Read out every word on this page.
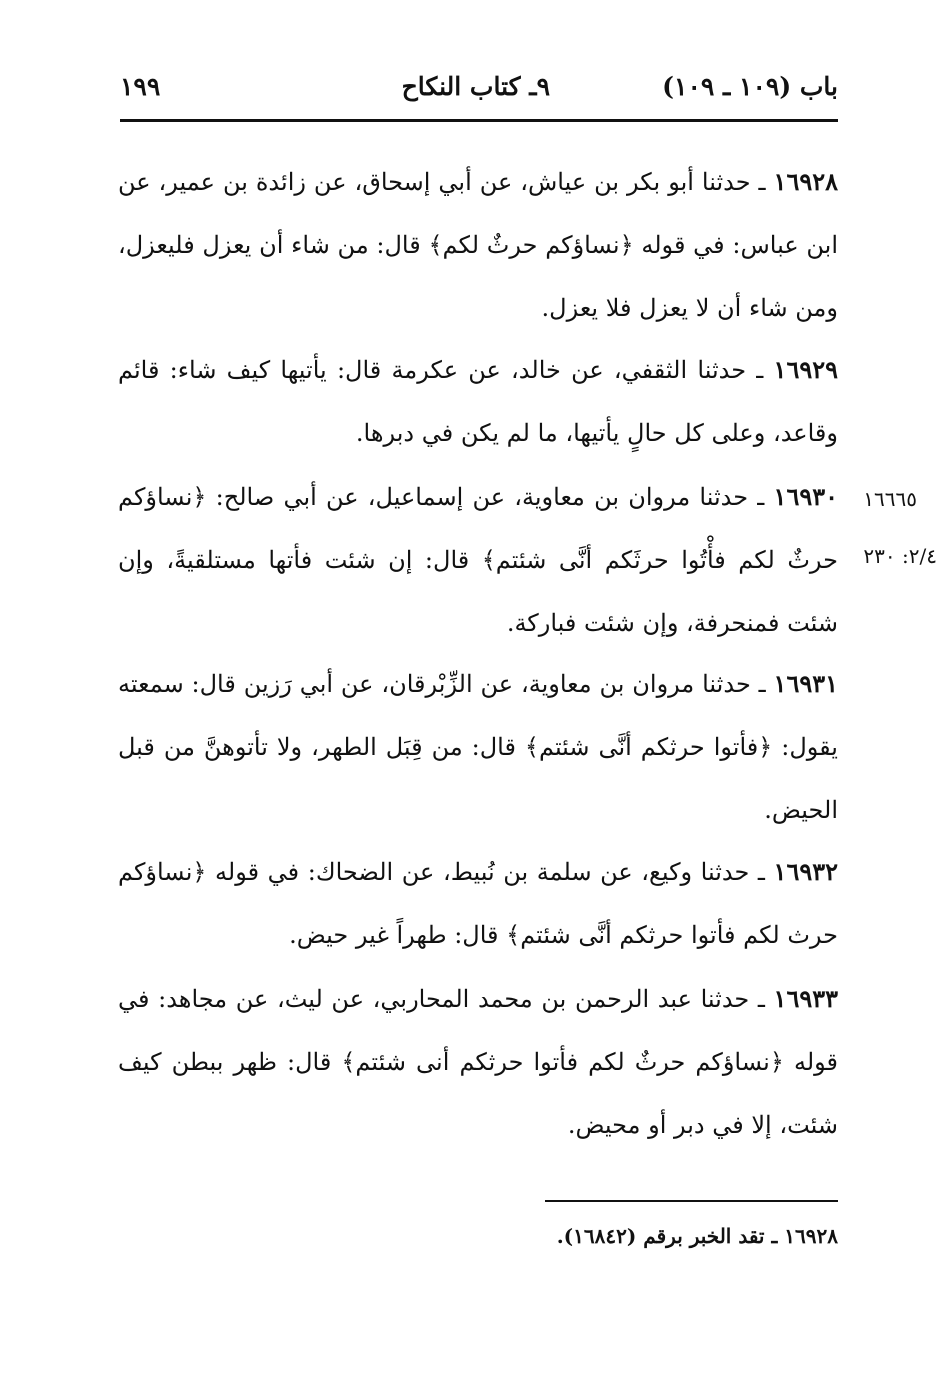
باب (١٠٩ ـ ١٠٩)
٩ـ كتاب النكاح
١٩٩
١٦٩٢٨ ـ حدثنا أبو بكر بن عياش، عن أبي إسحاق، عن زائدة بن عمير، عن ابن عباس: في قوله ﴿نساؤكم حرثٌ لكم﴾ قال: من شاء أن يعزل فليعزل، ومن شاء أن لا يعزل فلا يعزل.
١٦٩٢٩ ـ حدثنا الثقفي، عن خالد، عن عكرمة قال: يأتيها كيف شاء: قائم وقاعد، وعلى كل حالٍ يأتيها، ما لم يكن في دبرها.
١٦٩٣٠ ـ حدثنا مروان بن معاوية، عن إسماعيل، عن أبي صالح: ﴿نساؤكم حرثٌ لكم فأْتُوا حرثَكم أنَّى شئتم﴾ قال: إن شئت فأتها مستلقيةً، وإن شئت فمنحرفة، وإن شئت فباركة.
١٦٦٦٥
٢/٤: ٢٣٠
١٦٩٣١ ـ حدثنا مروان بن معاوية، عن الزِّبْرقان، عن أبي رَزين قال: سمعته يقول: ﴿فأتوا حرثكم أنَّى شئتم﴾ قال: من قِبَل الطهر، ولا تأتوهنَّ من قبل الحيض.
١٦٩٣٢ ـ حدثنا وكيع، عن سلمة بن نُبيط، عن الضحاك: في قوله ﴿نساؤكم حرث لكم فأتوا حرثكم أنَّى شئتم﴾ قال: طهراً غير حيض.
١٦٩٣٣ ـ حدثنا عبد الرحمن بن محمد المحاربي، عن ليث، عن مجاهد: في قوله ﴿نساؤكم حرثٌ لكم فأتوا حرثكم أنى شئتم﴾ قال: ظهر ببطن كيف شئت، إلا في دبر أو محيض.
١٦٩٢٨ ـ تقد الخبر برقم (١٦٨٤٢).
